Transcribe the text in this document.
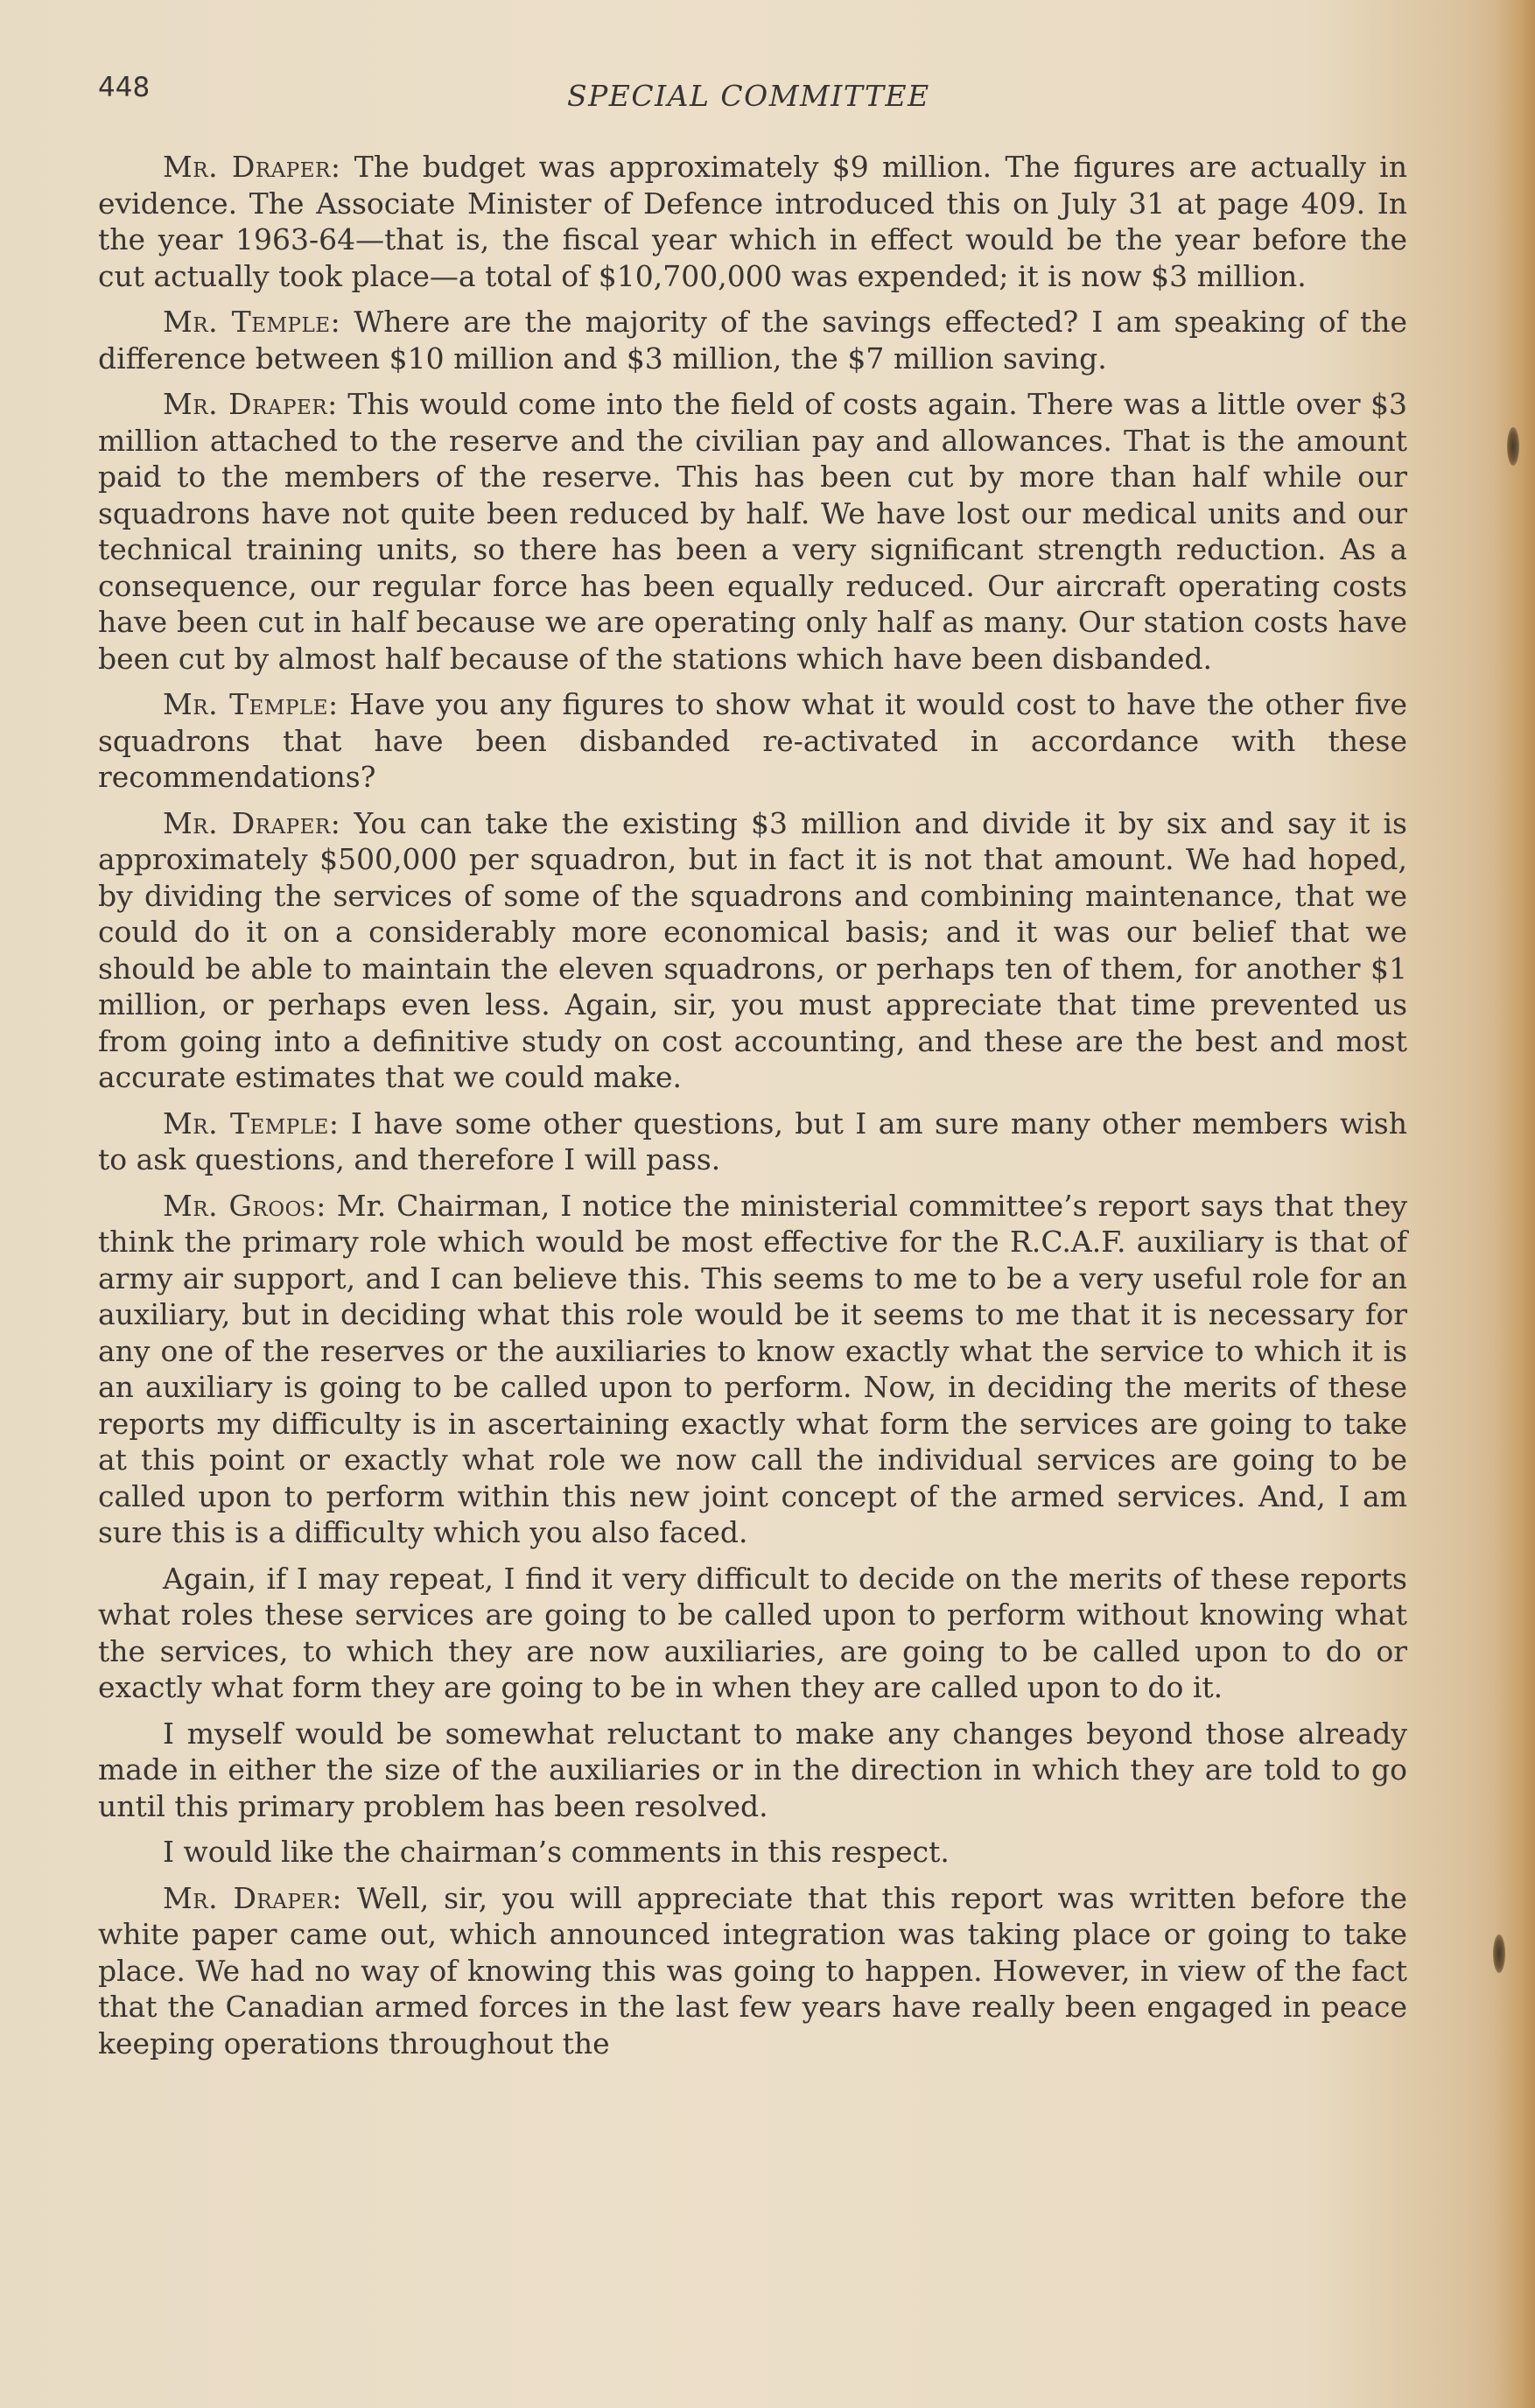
448	SPECIAL COMMITTEE

Mr. Draper: The budget was approximately $9 million. The figures are actually in evidence. The Associate Minister of Defence introduced this on July 31 at page 409. In the year 1963-64—that is, the fiscal year which in effect would be the year before the cut actually took place—a total of $10,700,000 was expended; it is now $3 million.

Mr. Temple: Where are the majority of the savings effected? I am speaking of the difference between $10 million and $3 million, the $7 million saving.

Mr. Draper: This would come into the field of costs again. There was a little over $3 million attached to the reserve and the civilian pay and allowances. That is the amount paid to the members of the reserve. This has been cut by more than half while our squadrons have not quite been reduced by half. We have lost our medical units and our technical training units, so there has been a very significant strength reduction. As a consequence, our regular force has been equally reduced. Our aircraft operating costs have been cut in half because we are operating only half as many. Our station costs have been cut by almost half because of the stations which have been disbanded.

Mr. Temple: Have you any figures to show what it would cost to have the other five squadrons that have been disbanded re-activated in accordance with these recommendations?

Mr. Draper: You can take the existing $3 million and divide it by six and say it is approximately $500,000 per squadron, but in fact it is not that amount. We had hoped, by dividing the services of some of the squadrons and combining maintenance, that we could do it on a considerably more economical basis; and it was our belief that we should be able to maintain the eleven squadrons, or perhaps ten of them, for another $1 million, or perhaps even less. Again, sir, you must appreciate that time prevented us from going into a definitive study on cost accounting, and these are the best and most accurate estimates that we could make.

Mr. Temple: I have some other questions, but I am sure many other members wish to ask questions, and therefore I will pass.

Mr. Groos: Mr. Chairman, I notice the ministerial committee’s report says that they think the primary role which would be most effective for the R.C.A.F. auxiliary is that of army air support, and I can believe this. This seems to me to be a very useful role for an auxiliary, but in deciding what this role would be it seems to me that it is necessary for any one of the reserves or the auxiliaries to know exactly what the service to which it is an auxiliary is going to be called upon to perform. Now, in deciding the merits of these reports my difficulty is in ascertaining exactly what form the services are going to take at this point or exactly what role we now call the individual services are going to be called upon to perform within this new joint concept of the armed services. And, I am sure this is a difficulty which you also faced.

Again, if I may repeat, I find it very difficult to decide on the merits of these reports what roles these services are going to be called upon to perform without knowing what the services, to which they are now auxiliaries, are going to be called upon to do or exactly what form they are going to be in when they are called upon to do it.

I myself would be somewhat reluctant to make any changes beyond those already made in either the size of the auxiliaries or in the direction in which they are told to go until this primary problem has been resolved.

I would like the chairman’s comments in this respect.

Mr. Draper: Well, sir, you will appreciate that this report was written before the white paper came out, which announced integration was taking place or going to take place. We had no way of knowing this was going to happen. However, in view of the fact that the Canadian armed forces in the last few years have really been engaged in peace keeping operations throughout the
